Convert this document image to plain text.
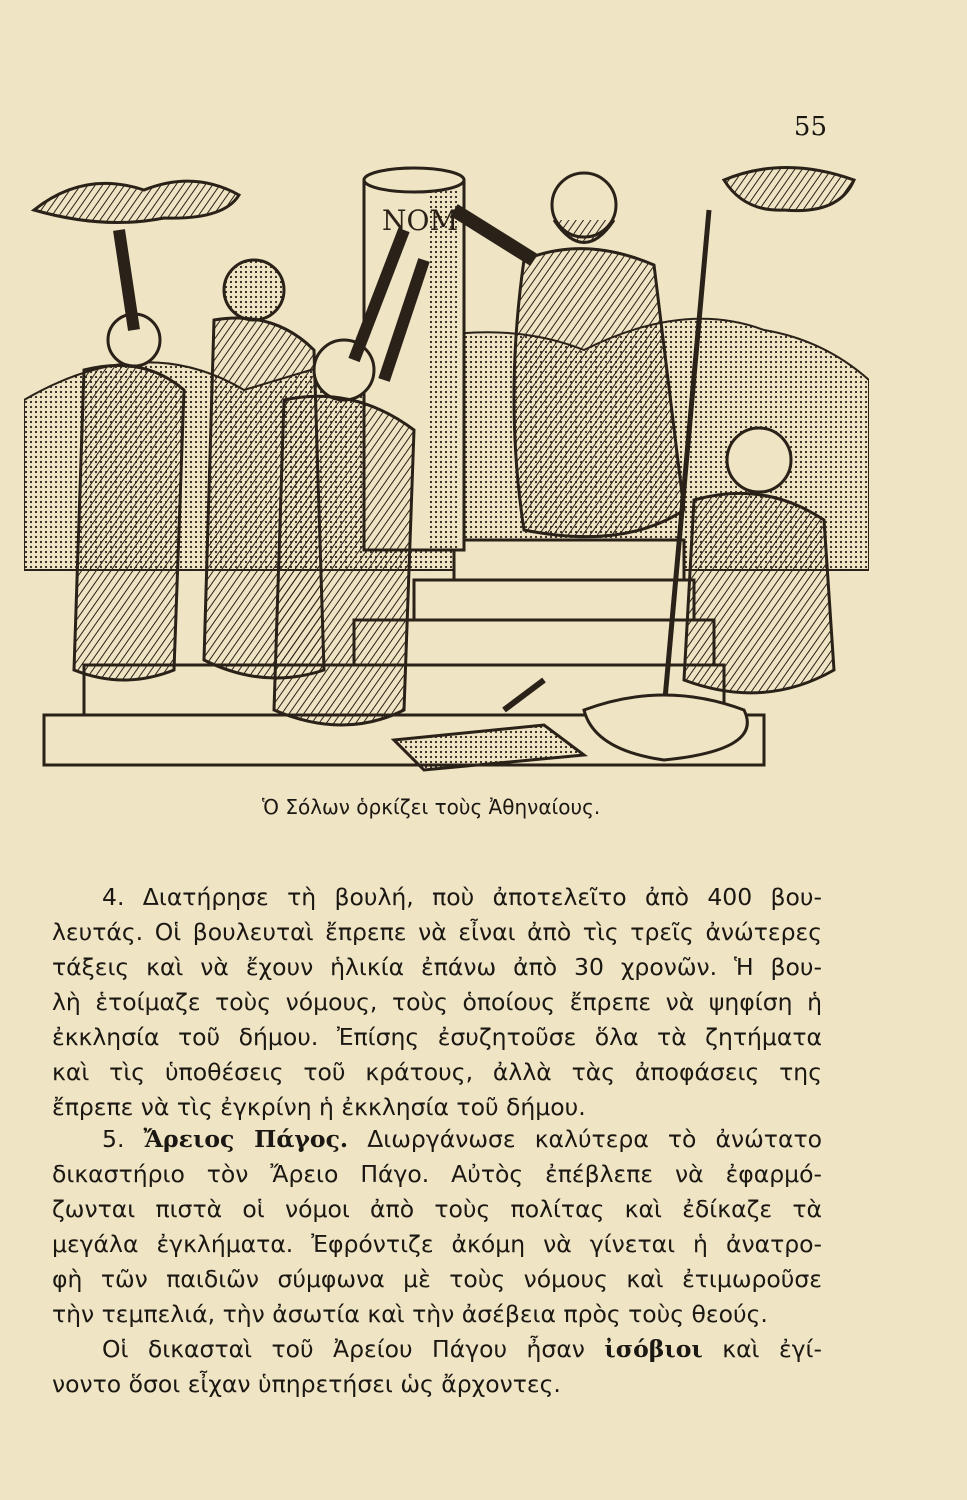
55
ΝΟΜ
Ὁ Σόλων ὁρκίζει τοὺς Ἀθηναίους.
4. Διατήρησε τὴ βουλή, ποὺ ἀποτελεῖτο ἀπὸ 400 βου-
λευτάς. Οἱ βουλευταὶ ἔπρεπε νὰ εἶναι ἀπὸ τὶς τρεῖς ἀνώτερες
τάξεις καὶ νὰ ἔχουν ἡλικία ἐπάνω ἀπὸ 30 χρονῶν. Ἡ βου-
λὴ ἑτοίμαζε τοὺς νόμους, τοὺς ὁποίους ἔπρεπε νὰ ψηφίση ἡ
ἐκκλησία τοῦ δήμου. Ἐπίσης ἐσυζητοῦσε ὅλα τὰ ζητήματα
καὶ τὶς ὑποθέσεις τοῦ κράτους, ἀλλὰ τὰς ἀποφάσεις της
ἔπρεπε νὰ τὶς ἐγκρίνη ἡ ἐκκλησία τοῦ δήμου.
5. Ἄρειος Πάγος. Διωργάνωσε καλύτερα τὸ ἀνώτατο
δικαστήριο τὸν Ἄρειο Πάγο. Αὐτὸς ἐπέβλεπε νὰ ἐφαρμό-
ζωνται πιστὰ οἱ νόμοι ἀπὸ τοὺς πολίτας καὶ ἐδίκαζε τὰ
μεγάλα ἐγκλήματα. Ἐφρόντιζε ἀκόμη νὰ γίνεται ἡ ἀνατρο-
φὴ τῶν παιδιῶν σύμφωνα μὲ τοὺς νόμους καὶ ἐτιμωροῦσε
τὴν τεμπελιά, τὴν ἀσωτία καὶ τὴν ἀσέβεια πρὸς τοὺς θεούς.
Οἱ δικασταὶ τοῦ Ἀρείου Πάγου ἦσαν ἰσόβιοι καὶ ἐγί-
νοντο ὅσοι εἶχαν ὑπηρετήσει ὡς ἄρχοντες.
